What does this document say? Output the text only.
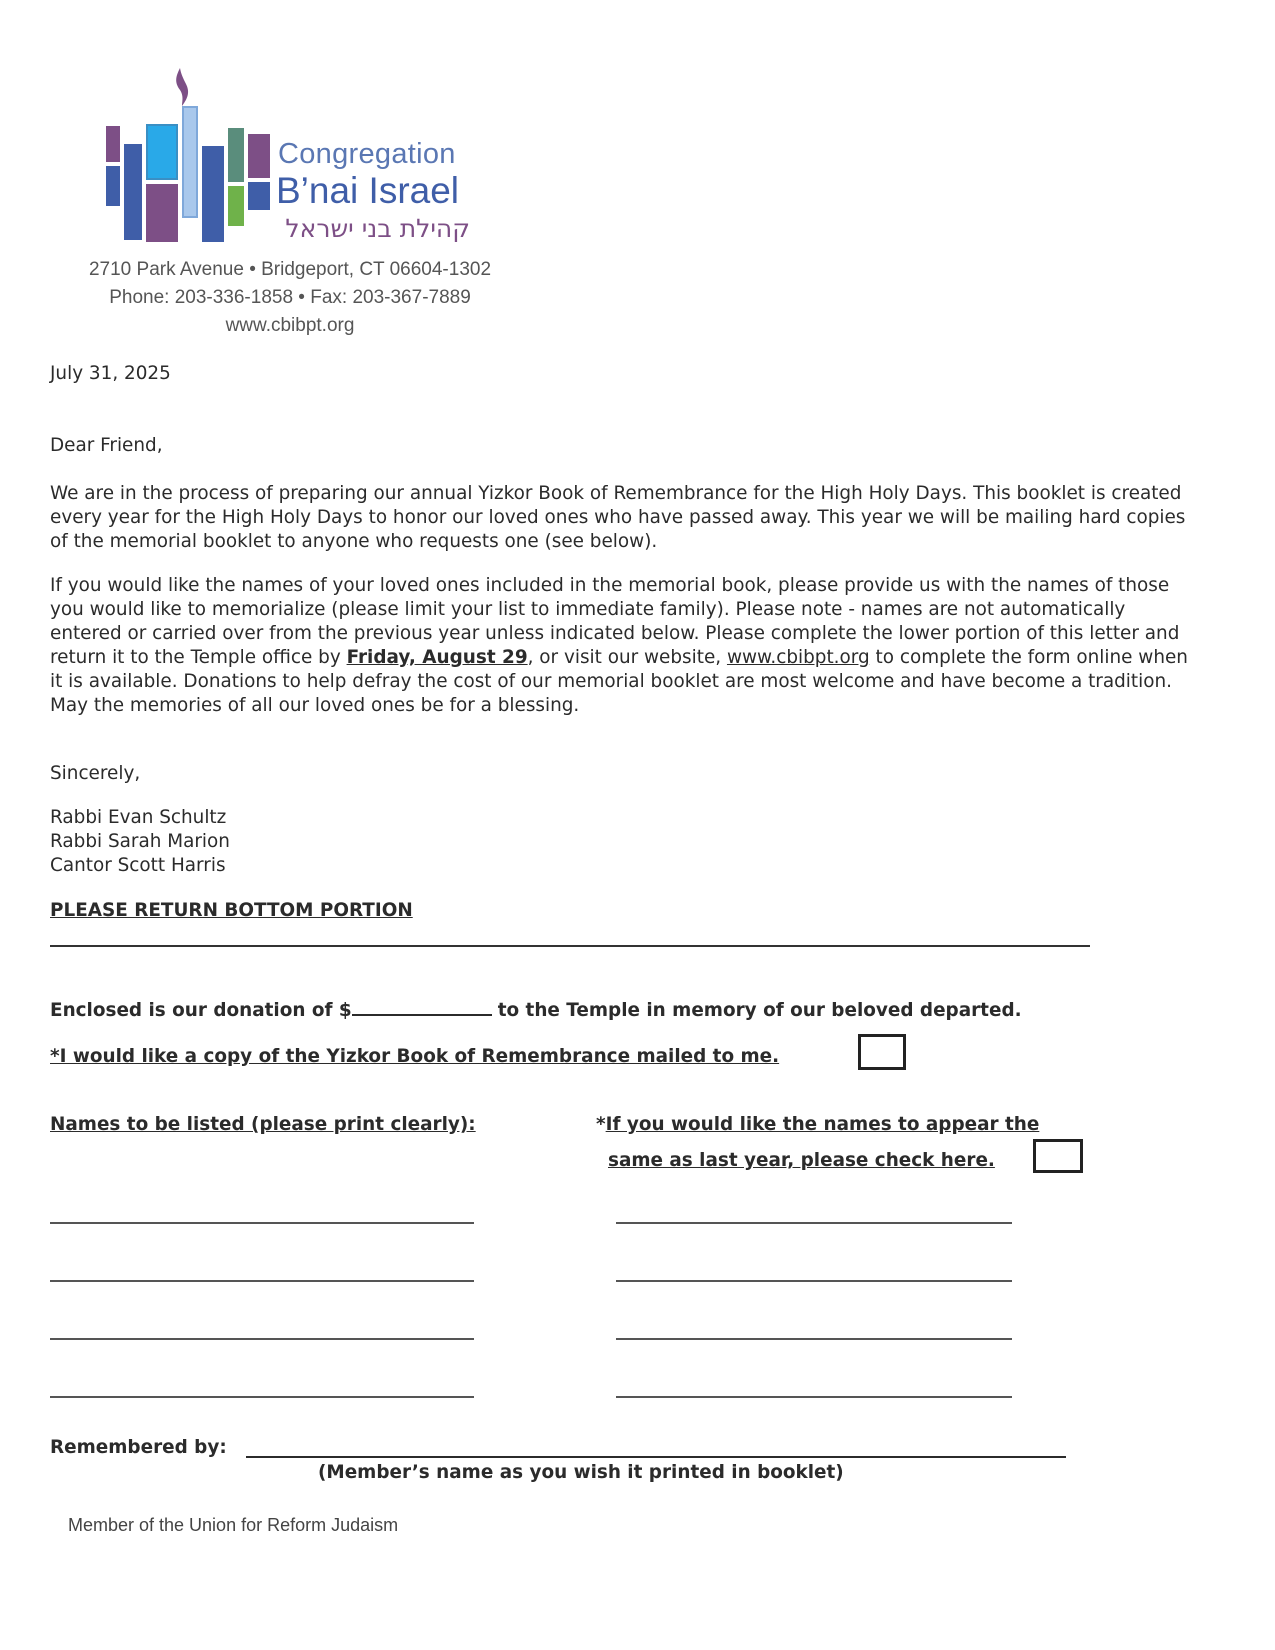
Congregation
B’nai Israel
קהילת בני ישראל
2710 Park Avenue • Bridgeport, CT 06604-1302
Phone: 203-336-1858 • Fax: 203-367-7889
www.cbibpt.org
July 31, 2025
Dear Friend,
We are in the process of preparing our annual Yizkor Book of Remembrance for the High Holy Days. This booklet is created every year for the High Holy Days to honor our loved ones who have passed away. This year we will be mailing hard copies of the memorial booklet to anyone who requests one (see below).
If you would like the names of your loved ones included in the memorial book, please provide us with the names of those you would like to memorialize (please limit your list to immediate family). Please note - names are not automatically entered or carried over from the previous year unless indicated below. Please complete the lower portion of this letter and return it to the Temple office by Friday, August 29, or visit our website, www.cbibpt.org to complete the form online when it is available. Donations to help defray the cost of our memorial booklet are most welcome and have become a tradition. May the memories of all our loved ones be for a blessing.
Sincerely,
Rabbi Evan Schultz
Rabbi Sarah Marion
Cantor Scott Harris
PLEASE RETURN BOTTOM PORTION
Enclosed is our donation of $	to the Temple in memory of our beloved departed.
*I would like a copy of the Yizkor Book of Remembrance mailed to me.
Names to be listed (please print clearly):	*If you would like the names to appear the
same as last year, please check here.
Remembered by:
(Member’s name as you wish it printed in booklet)
Member of the Union for Reform Judaism
